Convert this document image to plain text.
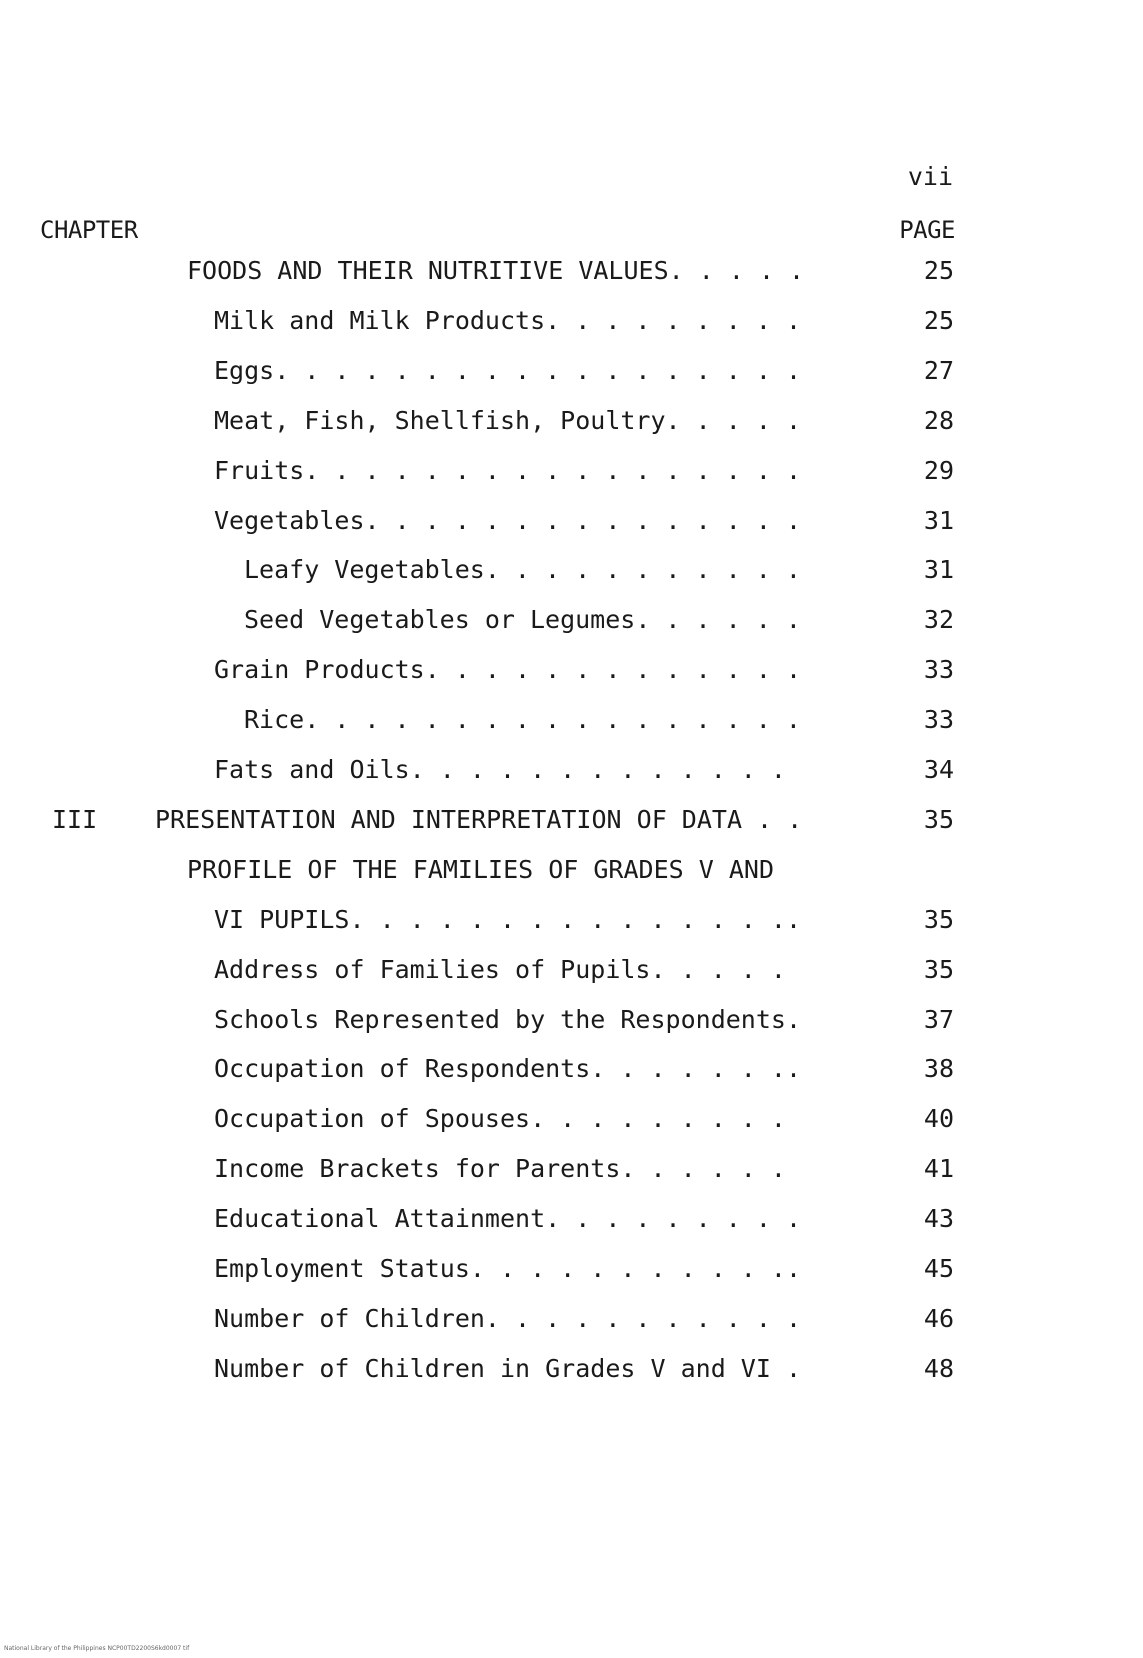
vii
CHAPTER	PAGE
FOODS AND THEIR NUTRITIVE VALUES. . . . .	25
Milk and Milk Products. . . . . . . . .	25
Eggs. . . . . . . . . . . . . . . . . .	27
Meat, Fish, Shellfish, Poultry. . . . .	28
Fruits. . . . . . . . . . . . . . . . .	29
Vegetables. . . . . . . . . . . . . . .	31
Leafy Vegetables. . . . . . . . . . .	31
Seed Vegetables or Legumes. . . . . .	32
Grain Products. . . . . . . . . . . . .	33
Rice. . . . . . . . . . . . . . . . .	33
Fats and Oils. . . . . . . . . . . . .	34
III PRESENTATION AND INTERPRETATION OF DATA . .	35
PROFILE OF THE FAMILIES OF GRADES V AND
VI PUPILS. . . . . . . . . . . . . . ..	35
Address of Families of Pupils. . . . .	35
Schools Represented by the Respondents.	37
Occupation of Respondents. . . . . . ..	38
Occupation of Spouses. . . . . . . . .	40
Income Brackets for Parents. . . . . .	41
Educational Attainment. . . . . . . . .	43
Employment Status. . . . . . . . . . ..	45
Number of Children. . . . . . . . . . .	46
Number of Children in Grades V and VI .	48
National Library of the Philippines NCP00TD2200S6kd0007 tif
